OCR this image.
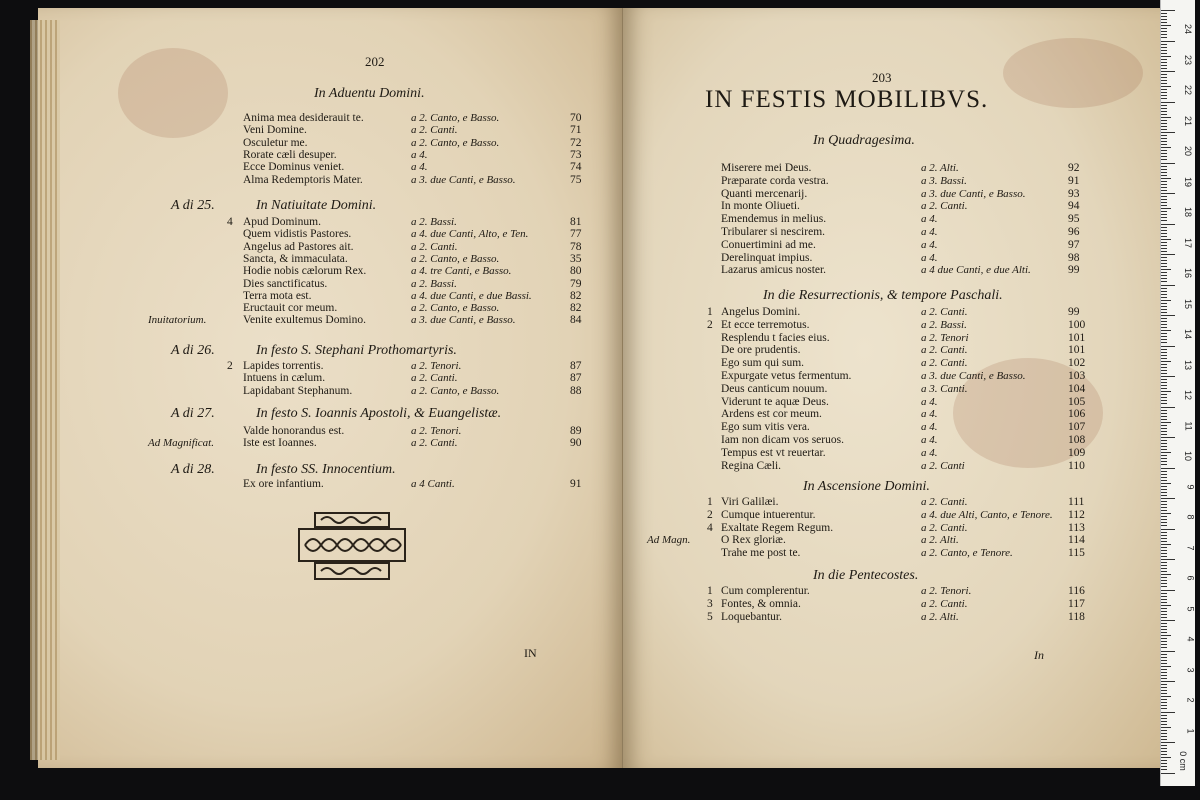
202
IN
In Aduentu Domini.
Anima mea desiderauit te.	a 2. Canto, e Basso.	70
Veni Domine.	a 2. Canti.	71
Osculetur me.	a 2. Canto, e Basso.	72
Rorate cæli desuper.	a 4.	73
Ecce Dominus veniet.	a 4.	74
Alma Redemptoris Mater.	a 3. due Canti, e Basso.	75
A di 25.	In Natiuitate Domini.
4 Apud Dominum.	a 2. Bassi.	81
Quem vidistis Pastores.	a 4. due Canti, Alto, e Ten.	77
Angelus ad Pastores ait.	a 2. Canti.	78
Sancta, & immaculata.	a 2. Canto, e Basso.	35
Hodie nobis cælorum Rex.	a 4. tre Canti, e Basso.	80
Dies sanctificatus.	a 2. Bassi.	79
Terra mota est.	a 4. due Canti, e due Bassi.	82
Eructauit cor meum.	a 2. Canto, e Basso.	82
Venite exultemus Domino.	a 3. due Canti, e Basso.	84
Inuitatorium.
A di 26.	In festo S. Stephani Prothomartyris.
2 Lapides torrentis.	a 2. Tenori.	87
Intuens in cælum.	a 2. Canti.	87
Lapidabant Stephanum.	a 2. Canto, e Basso.	88
A di 27.	In festo S. Ioannis Apostoli, & Euangelistæ.
Valde honorandus est.	a 2. Tenori.	89
Iste est Ioannes.	a 2. Canti.	90
Ad Magnificat.
A di 28.	In festo SS. Innocentium.
Ex ore infantium.	a 4 Canti.	91
203
IN FESTIS MOBILIBVS.
In
In Quadragesima.
Miserere mei Deus.	a 2. Alti.	92
Præparate corda vestra.	a 3. Bassi.	91
Quanti mercenarij.	a 3. due Canti, e Basso.	93
In monte Oliueti.	a 2. Canti.	94
Emendemus in melius.	a 4.	95
Tribularer si nescirem.	a 4.	96
Conuertimini ad me.	a 4.	97
Derelinquat impius.	a 4.	98
Lazarus amicus noster.	a 4 due Canti, e due Alti.	99
In die Resurrectionis, & tempore Paschali.
1 Angelus Domini.	a 2. Canti.	99
2 Et ecce terremotus.	a 2. Bassi.	100
Resplendu t facies eius.	a 2. Tenori	101
De ore prudentis.	a 2. Canti.	101
Ego sum qui sum.	a 2. Canti.	102
Expurgate vetus fermentum.	a 3. due Canti, e Basso.	103
Deus canticum nouum.	a 3. Canti.	104
Viderunt te aquæ Deus.	a 4.	105
Ardens est cor meum.	a 4.	106
Ego sum vitis vera.	a 4.	107
Iam non dicam vos seruos.	a 4.	108
Tempus est vt reuertar.	a 4.	109
Regina Cæli.	a 2. Canti	110
In Ascensione Domini.
1 Viri Galilæi.	a 2. Canti.	111
2 Cumque intuerentur.	a 4. due Alti, Canto, e Tenore. 112
4 Exaltate Regem Regum.	a 2. Canti.	113
O Rex gloriæ.	a 2. Alti.	114
Ad Magn.
Trahe me post te.	a 2. Canto, e Tenore.	115
In die Pentecostes.
1 Cum complerentur.	a 2. Tenori.	116
3 Fontes, & omnia.	a 2. Canti.	117
5 Loquebantur.	a 2. Alti.	118
24
23
22
21
20
19
18
17
16
15
14
13
12
11
10
9
8
7
6
5
4
3
2
1
0 cm
